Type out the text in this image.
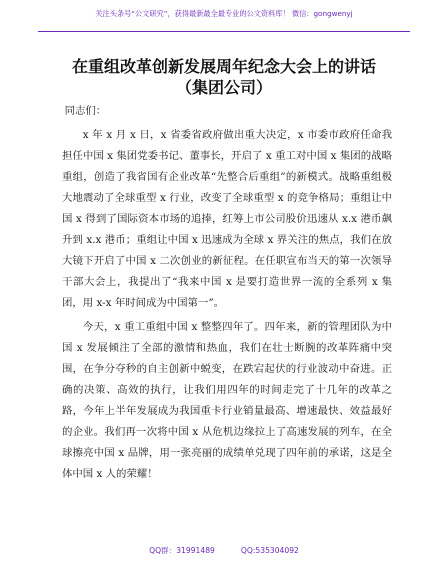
关注头条号“公文研究”，获得最新最全最专业的公文资料库！ 微信：gongwenyj
在重组改革创新发展周年纪念大会上的讲话
（集团公司）

同志们：

x 年 x 月 x 日，x 省委省政府做出重大决定，x 市委市政府任命我担任中国 x 集团党委书记、董事长，开启了 x 重工对中国 x 集团的战略重组，创造了我省国有企业改革“先整合后重组”的新模式。战略重组极大地震动了全球重型 x 行业，改变了全球重型 x 的竞争格局；重组让中国 x 得到了国际资本市场的追捧，红筹上市公司股价迅速从 x.x 港币飙升到 x.x 港币；重组让中国 x 迅速成为全球 x 界关注的焦点，我们在放大镜下开启了中国 x 二次创业的新征程。在任职宣布当天的第一次领导干部大会上，我提出了“我来中国 x 是要打造世界一流的全系列 x 集团，用 x-x 年时间成为中国第一”。

今天，x 重工重组中国 x 整整四年了。四年来，新的管理团队为中国 x 发展倾注了全部的激情和热血，我们在壮士断腕的改革阵痛中突围，在争分夺秒的自主创新中蜕变，在跌宕起伏的行业波动中奋进。正确的决策、高效的执行，让我们用四年的时间走完了十几年的改革之路，今年上半年发展成为我国重卡行业销量最高、增速最快、效益最好的企业。我们再一次将中国 x 从危机边缘拉上了高速发展的列车，在全球擦亮中国 x 品牌，用一张亮丽的成绩单兑现了四年前的承诺，这是全体中国 x 人的荣耀！

QQ群：31991489	QQ:535304092
